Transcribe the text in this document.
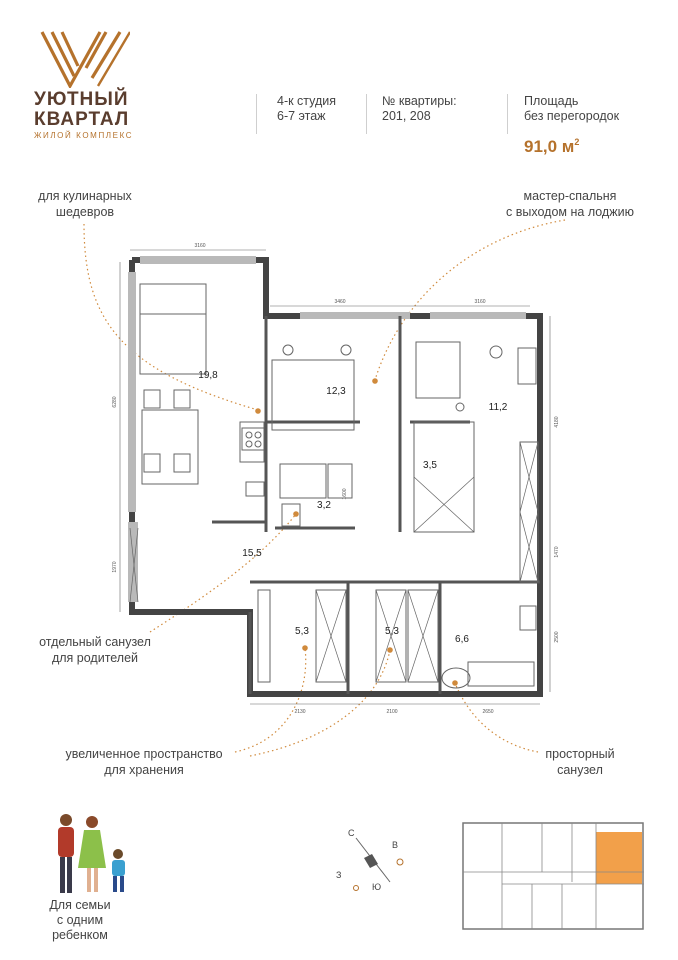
УЮТНЫЙ
КВАРТАЛ
ЖИЛОЙ КОМПЛЕКС
4-к студия
6-7 этаж
№ квартиры:
201, 208
Площадь
без перегородок
91,0 $м^2$
для кулинарных
шедевров
мастер-спальня
с выходом на лоджию
отдельный санузел
для родителей
увеличенное пространство
для хранения
просторный
санузел
3160
3460	3160
6280
1970
4180
1470
2500
1600
2130	2100	2650
19,8
12,3
11,2
3,5
3,2
15,5
5,3	5,3
6,6
Для семьи
с одним ребенком
С
В
Ю
З
